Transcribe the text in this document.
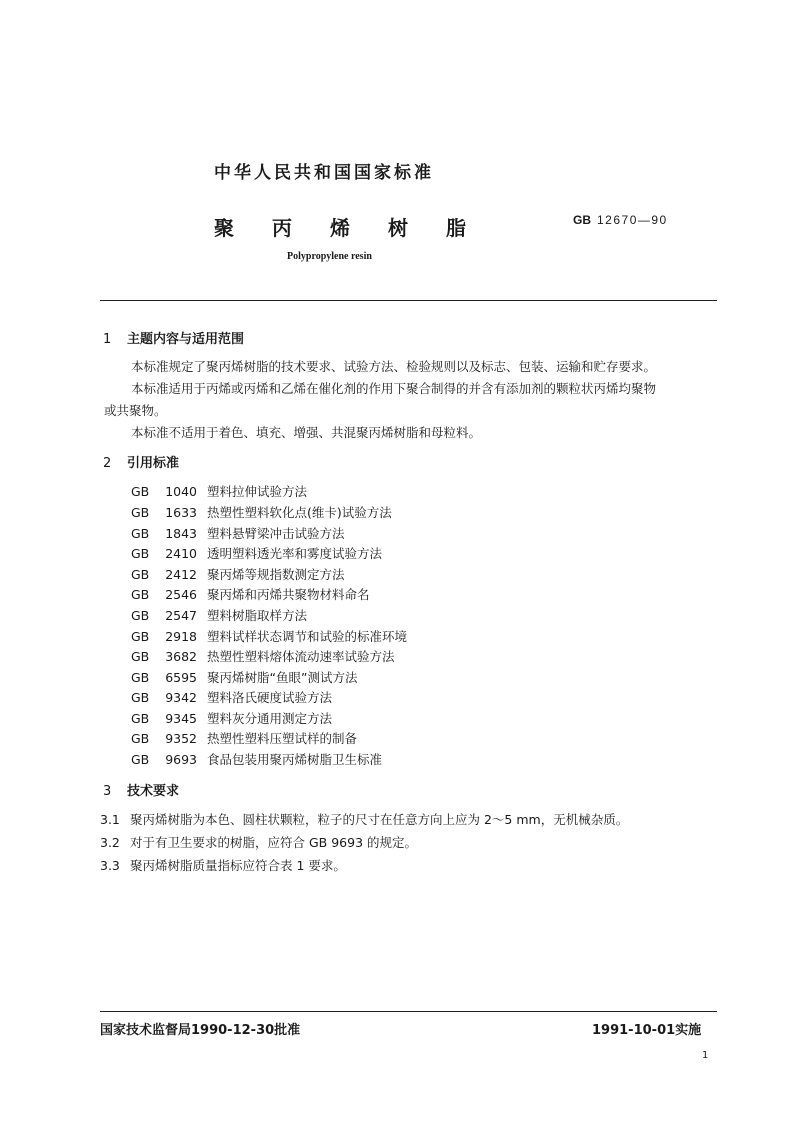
中华人民共和国国家标准
聚 丙 烯 树 脂	GB 12670—90
Polypropylene resin
1 主题内容与适用范围
本标准规定了聚丙烯树脂的技术要求、试验方法、检验规则以及标志、包装、运输和贮存要求。
本标准适用于丙烯或丙烯和乙烯在催化剂的作用下聚合制得的并含有添加剂的颗粒状丙烯均聚物
或共聚物。
本标准不适用于着色、填充、增强、共混聚丙烯树脂和母粒料。
2 引用标准
GB 1040 塑料拉伸试验方法
GB 1633 热塑性塑料软化点(维卡)试验方法
GB 1843 塑料悬臂梁冲击试验方法
GB 2410 透明塑料透光率和雾度试验方法
GB 2412 聚丙烯等规指数测定方法
GB 2546 聚丙烯和丙烯共聚物材料命名
GB 2547 塑料树脂取样方法
GB 2918 塑料试样状态调节和试验的标准环境
GB 3682 热塑性塑料熔体流动速率试验方法
GB 6595 聚丙烯树脂“鱼眼”测试方法
GB 9342 塑料洛氏硬度试验方法
GB 9345 塑料灰分通用测定方法
GB 9352 热塑性塑料压塑试样的制备
GB 9693 食品包装用聚丙烯树脂卫生标准
3 技术要求
3.1 聚丙烯树脂为本色、圆柱状颗粒，粒子的尺寸在任意方向上应为 2～5 mm，无机械杂质。
3.2 对于有卫生要求的树脂，应符合 GB 9693 的规定。
3.3 聚丙烯树脂质量指标应符合表 1 要求。
国家技术监督局1990-12-30批准	1991-10-01实施
1
